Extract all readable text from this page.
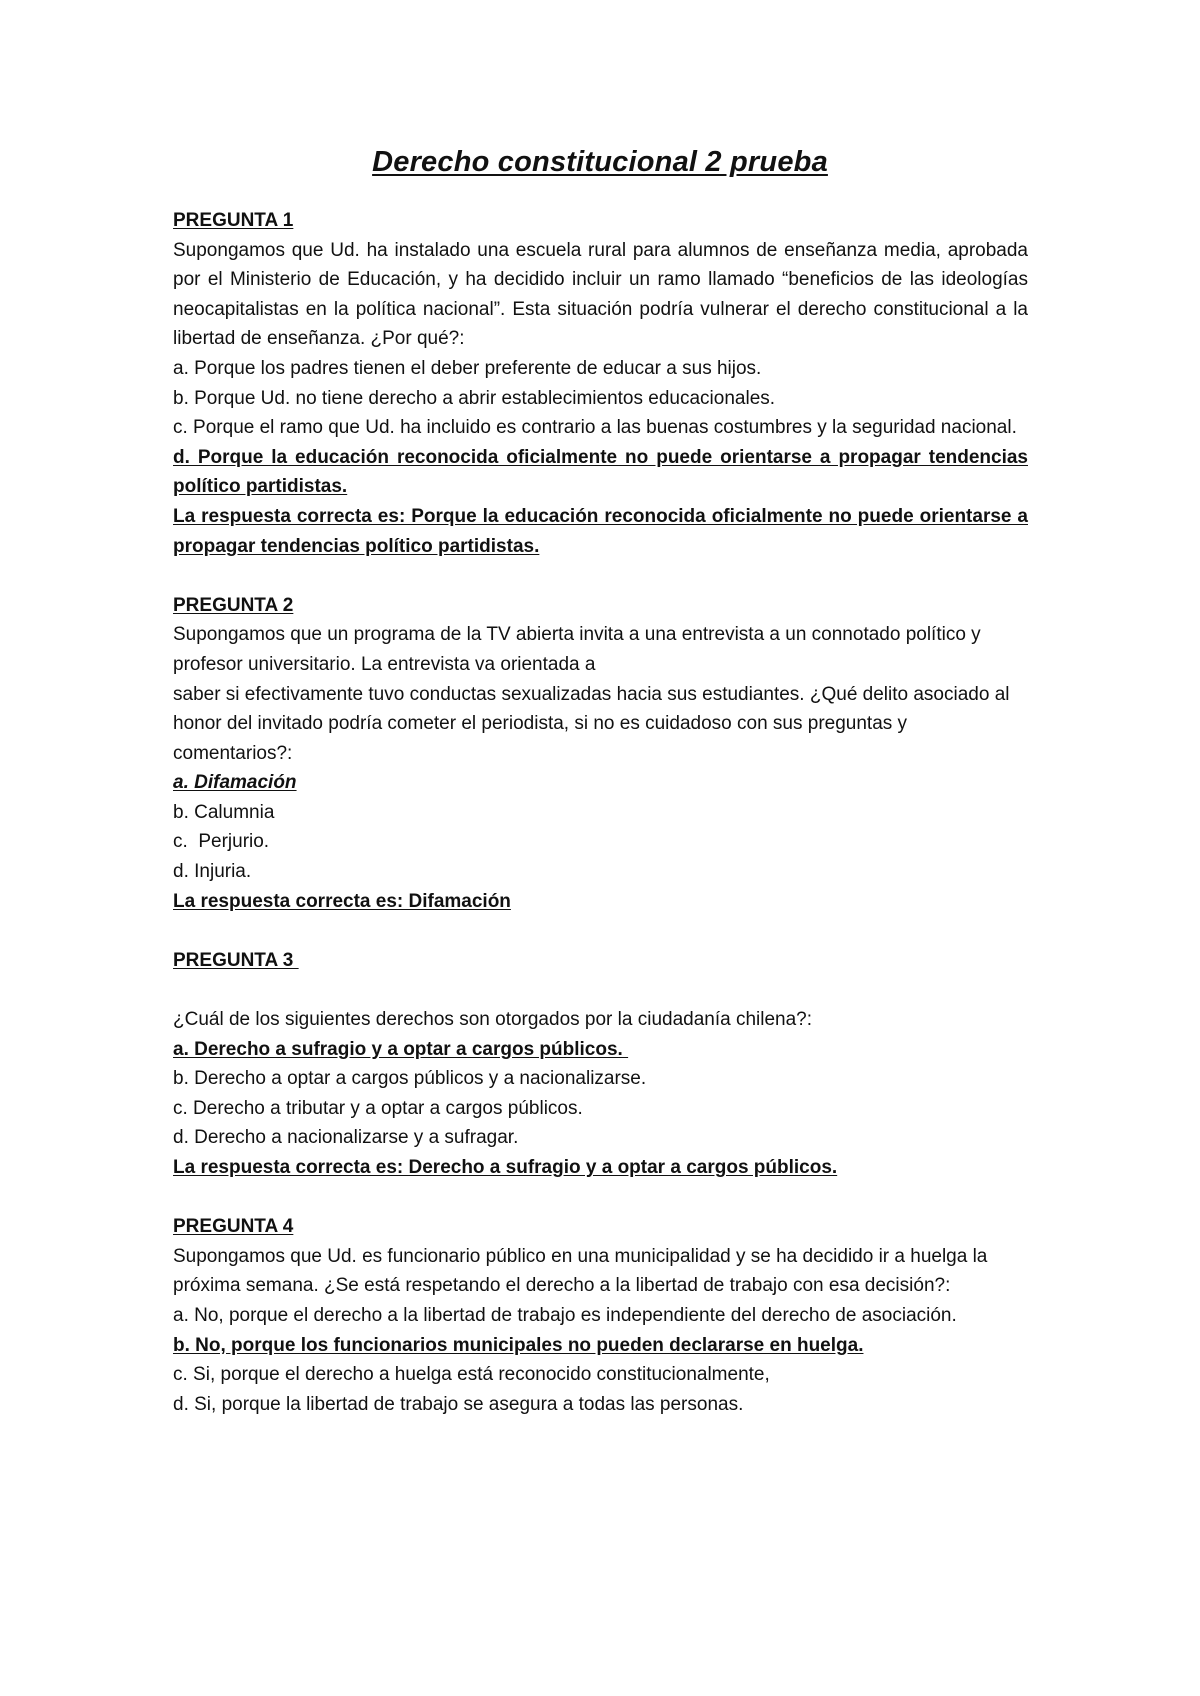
Derecho constitucional 2 prueba
PREGUNTA 1
Supongamos que Ud. ha instalado una escuela rural para alumnos de enseñanza media, aprobada por el Ministerio de Educación, y ha decidido incluir un ramo llamado “beneficios de las ideologías neocapitalistas en la política nacional”. Esta situación podría vulnerar el derecho constitucional a la libertad de enseñanza. ¿Por qué?:
a. Porque los padres tienen el deber preferente de educar a sus hijos.
b. Porque Ud. no tiene derecho a abrir establecimientos educacionales.
c. Porque el ramo que Ud. ha incluido es contrario a las buenas costumbres y la seguridad nacional.
d. Porque la educación reconocida oficialmente no puede orientarse a propagar tendencias político partidistas.
La respuesta correcta es: Porque la educación reconocida oficialmente no puede orientarse a propagar tendencias político partidistas.
PREGUNTA 2
Supongamos que un programa de la TV abierta invita a una entrevista a un connotado político y profesor universitario. La entrevista va orientada a
saber si efectivamente tuvo conductas sexualizadas hacia sus estudiantes. ¿Qué delito asociado al honor del invitado podría cometer el periodista, si no es cuidadoso con sus preguntas y comentarios?:
a. Difamación
b. Calumnia
c.  Perjurio.
d. Injuria.
La respuesta correcta es: Difamación
PREGUNTA 3
¿Cuál de los siguientes derechos son otorgados por la ciudadanía chilena?:
a. Derecho a sufragio y a optar a cargos públicos.
b. Derecho a optar a cargos públicos y a nacionalizarse.
c. Derecho a tributar y a optar a cargos públicos.
d. Derecho a nacionalizarse y a sufragar.
La respuesta correcta es: Derecho a sufragio y a optar a cargos públicos.
PREGUNTA 4
Supongamos que Ud. es funcionario público en una municipalidad y se ha decidido ir a huelga la
próxima semana. ¿Se está respetando el derecho a la libertad de trabajo con esa decisión?:
a. No, porque el derecho a la libertad de trabajo es independiente del derecho de asociación.
b. No, porque los funcionarios municipales no pueden declararse en huelga.
c. Si, porque el derecho a huelga está reconocido constitucionalmente,
d. Si, porque la libertad de trabajo se asegura a todas las personas.
